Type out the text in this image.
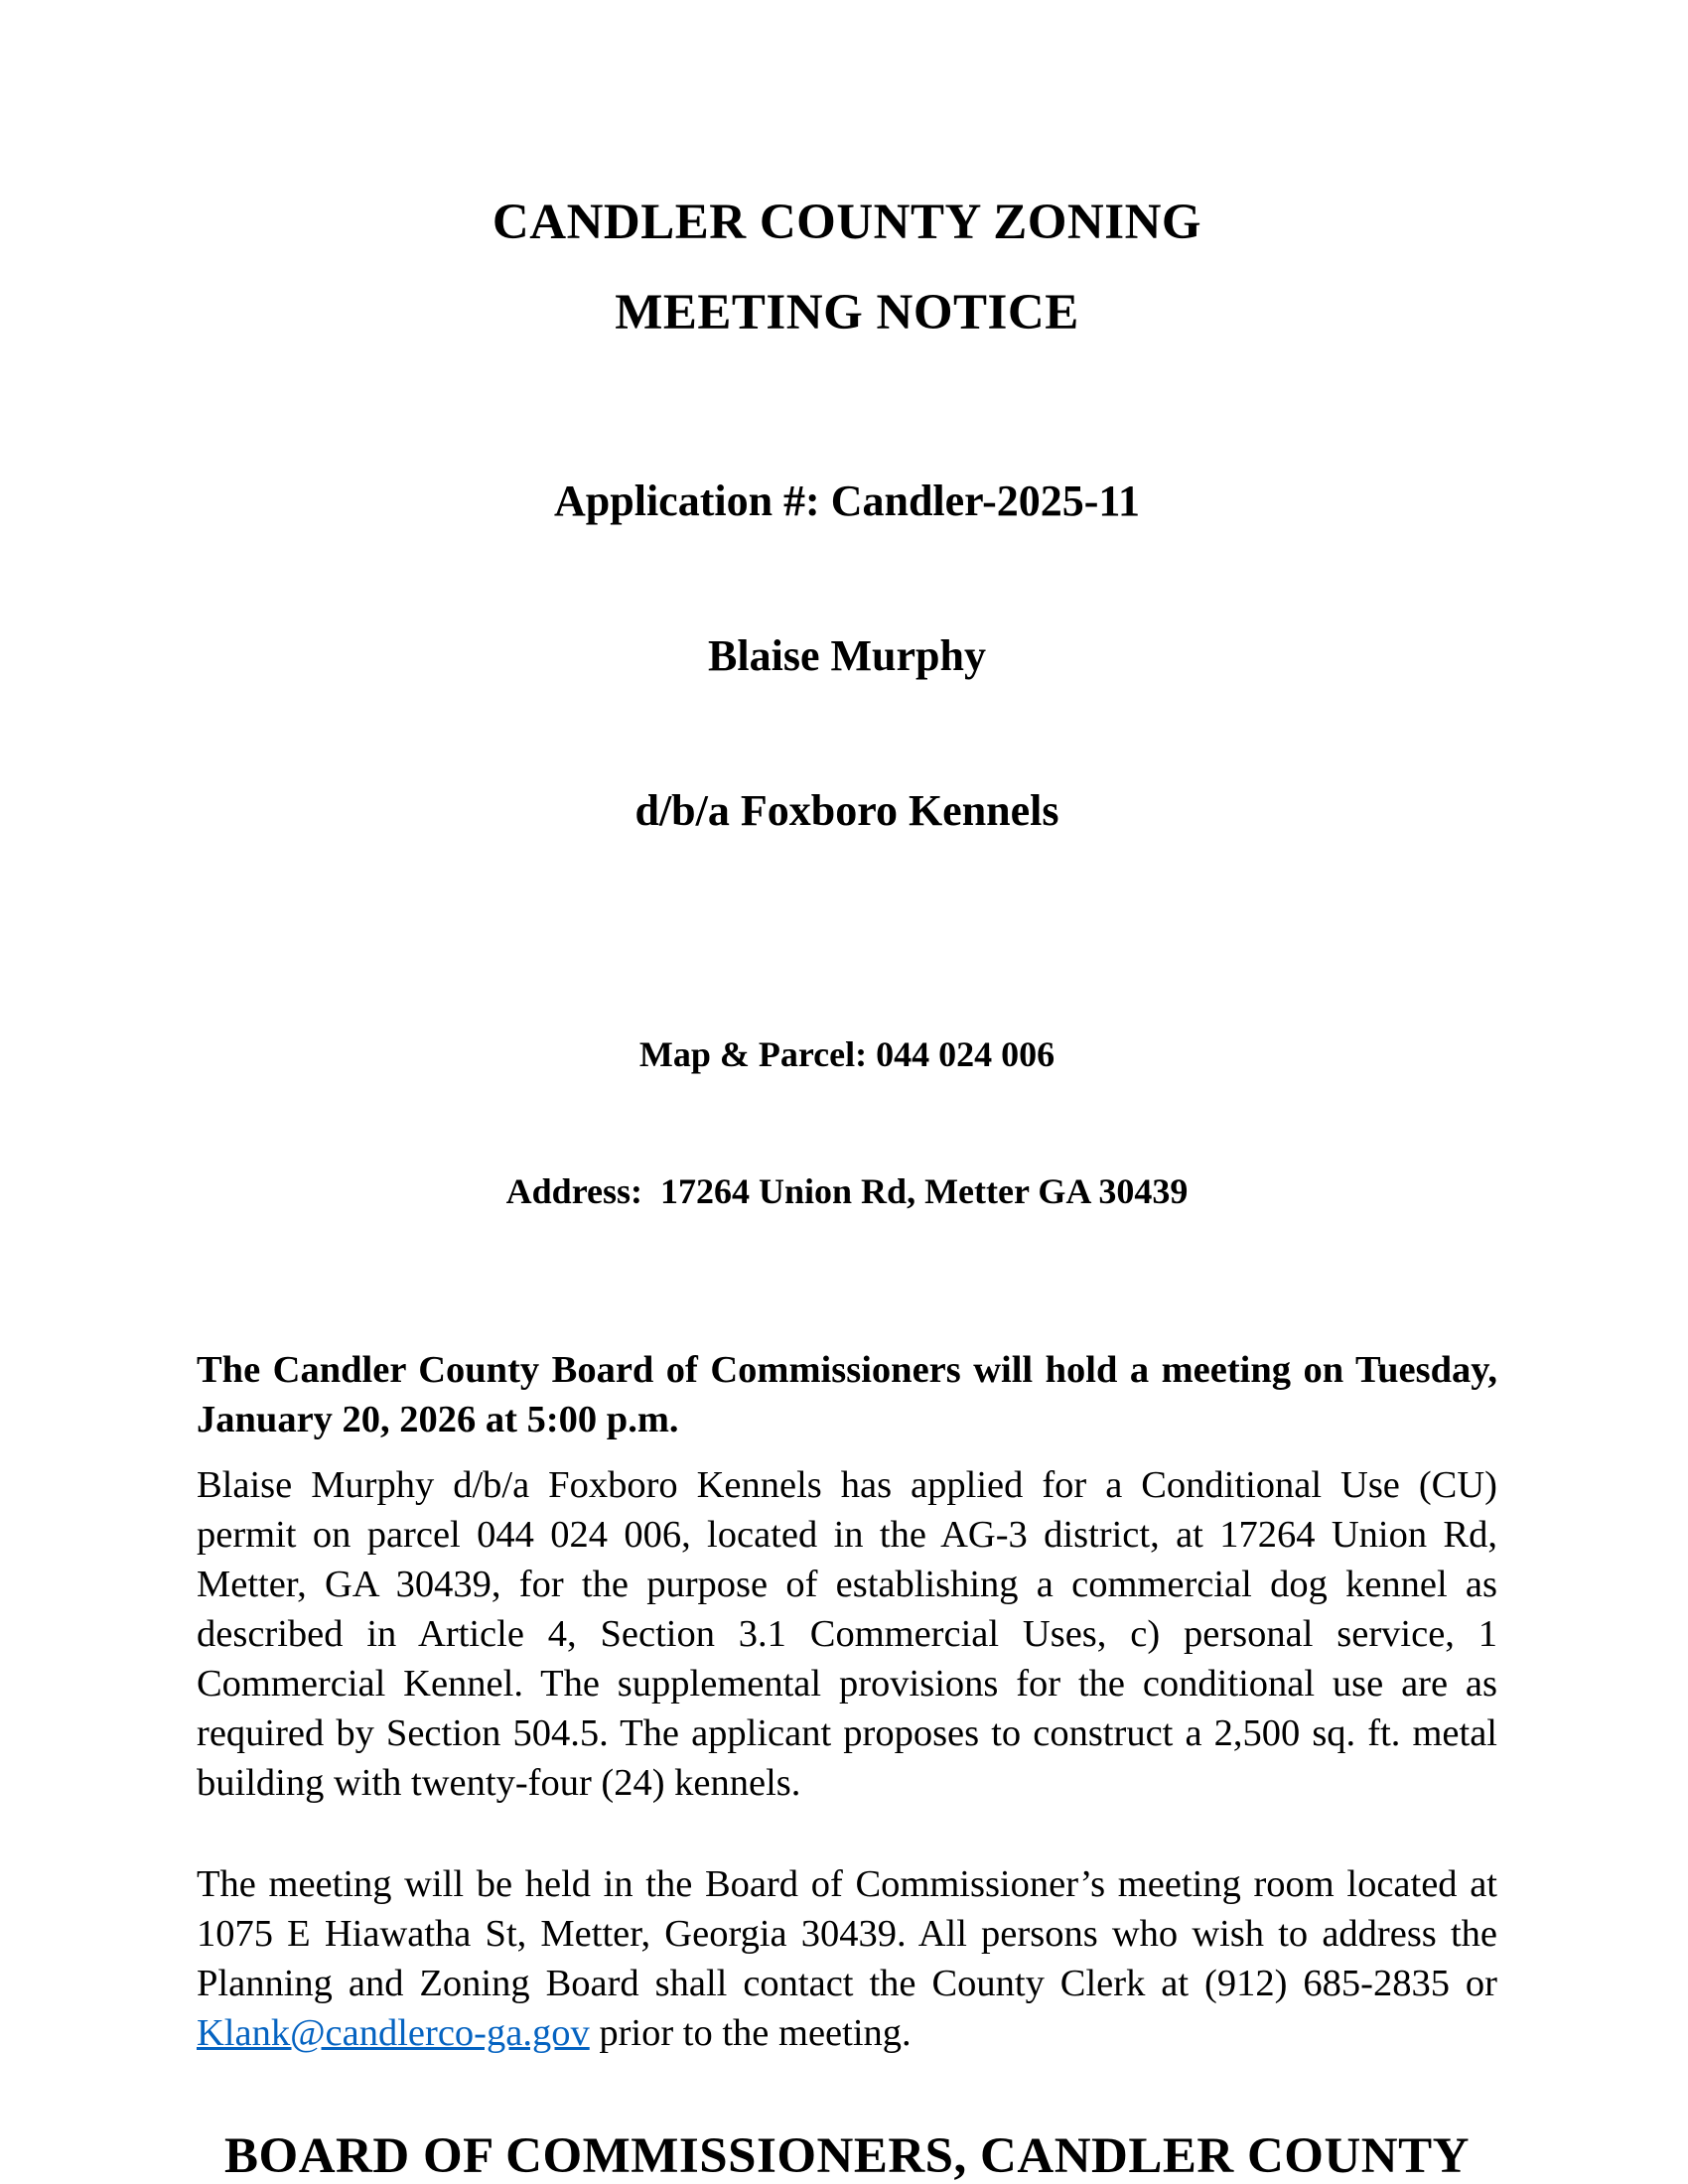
CANDLER COUNTY ZONING
MEETING NOTICE

Application #: Candler-2025-11

Blaise Murphy

d/b/a Foxboro Kennels

Map & Parcel: 044 024 006

Address:  17264 Union Rd, Metter GA 30439

The Candler County Board of Commissioners will hold a meeting on Tuesday, January 20, 2026 at 5:00 p.m.

Blaise Murphy d/b/a Foxboro Kennels has applied for a Conditional Use (CU) permit on parcel 044 024 006, located in the AG-3 district, at 17264 Union Rd, Metter, GA 30439, for the purpose of establishing a commercial dog kennel as described in Article 4, Section 3.1 Commercial Uses, c) personal service, 1 Commercial Kennel. The supplemental provisions for the conditional use are as required by Section 504.5. The applicant proposes to construct a 2,500 sq. ft. metal building with twenty-four (24) kennels.

The meeting will be held in the Board of Commissioner’s meeting room located at 1075 E Hiawatha St, Metter, Georgia 30439. All persons who wish to address the Planning and Zoning Board shall contact the County Clerk at (912) 685-2835 or Klank@candlerco-ga.gov prior to the meeting.

BOARD OF COMMISSIONERS, CANDLER COUNTY
